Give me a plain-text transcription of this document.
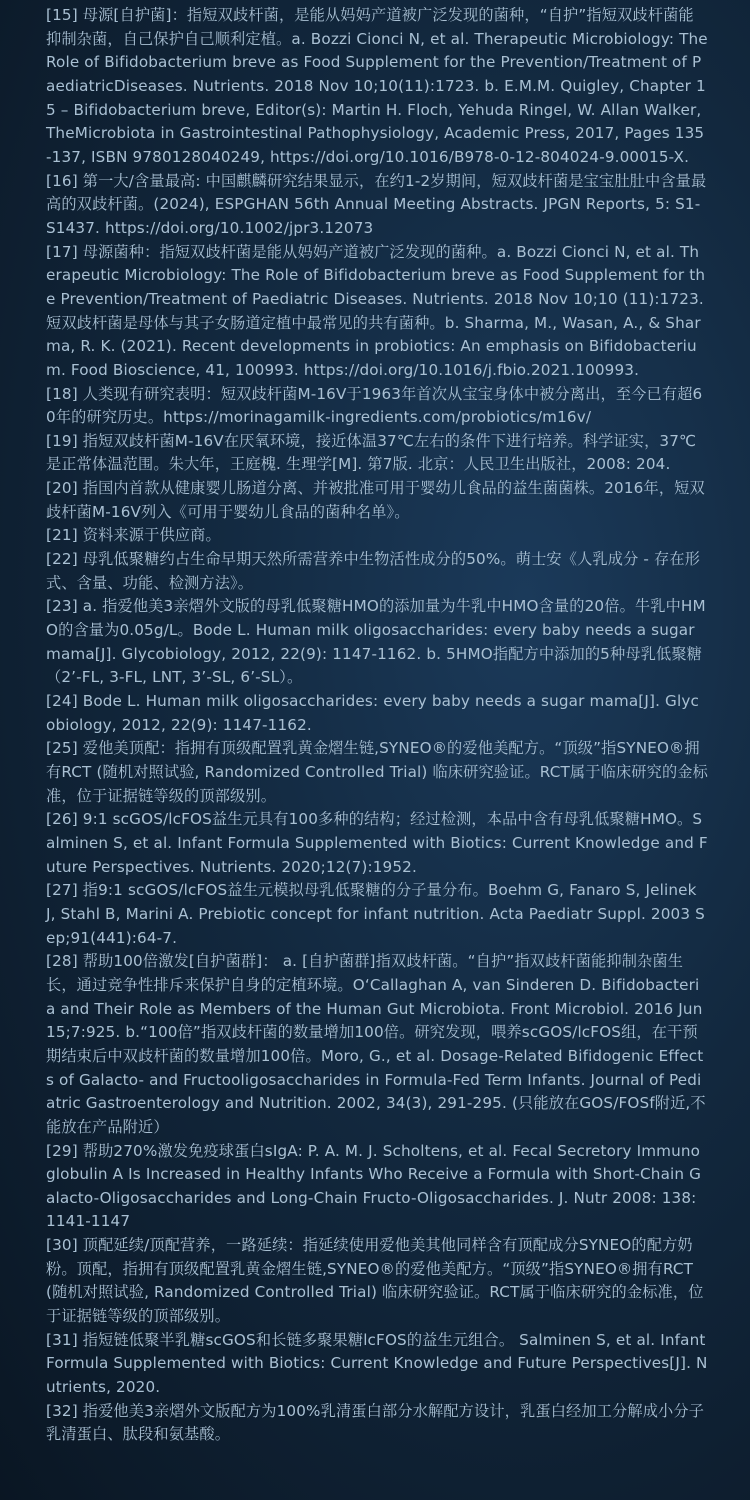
[15] 母源[自护菌]：指短双歧杆菌，是能从妈妈产道被广泛发现的菌种，“自护”指短双歧杆菌能抑制杂菌，自己保护自己顺利定植。a. Bozzi Cionci N, et al. Therapeutic Microbiology: The Role of Bifidobacterium breve as Food Supplement for the Prevention/Treatment of PaediatricDiseases. Nutrients. 2018 Nov 10;10(11):1723. b. E.M.M. Quigley, Chapter 15 – Bifidobacterium breve, Editor(s): Martin H. Floch, Yehuda Ringel, W. Allan Walker,TheMicrobiota in Gastrointestinal Pathophysiology, Academic Press, 2017, Pages 135-137, ISBN 9780128040249, https://doi.org/10.1016/B978-0-12-804024-9.00015-X.

[16] 第一大/含量最高: 中国麒麟研究结果显示，在约1-2岁期间，短双歧杆菌是宝宝肚肚中含量最高的双歧杆菌。(2024), ESPGHAN 56th Annual Meeting Abstracts. JPGN Reports, 5: S1-S1437. https://doi.org/10.1002/jpr3.12073

[17] 母源菌种：指短双歧杆菌是能从妈妈产道被广泛发现的菌种。a. Bozzi Cionci N, et al. Therapeutic Microbiology: The Role of Bifidobacterium breve as Food Supplement for the Prevention/Treatment of Paediatric Diseases. Nutrients. 2018 Nov 10;10 (11):1723. 短双歧杆菌是母体与其子女肠道定植中最常见的共有菌种。b. Sharma, M., Wasan, A., & Sharma, R. K. (2021). Recent developments in probiotics: An emphasis on Bifidobacterium. Food Bioscience, 41, 100993. https://doi.org/10.1016/j.fbio.2021.100993.

[18] 人类现有研究表明：短双歧杆菌M-16V于1963年首次从宝宝身体中被分离出，至今已有超60年的研究历史。https://morinagamilk-ingredients.com/probiotics/m16v/

[19] 指短双歧杆菌M-16V在厌氧环境，接近体温37℃左右的条件下进行培养。科学证实，37℃是正常体温范围。朱大年，王庭槐. 生理学[M]. 第7版. 北京：人民卫生出版社，2008: 204.

[20] 指国内首款从健康婴儿肠道分离、并被批准可用于婴幼儿食品的益生菌菌株。2016年，短双歧杆菌M-16V列入《可用于婴幼儿食品的菌种名单》。

[21] 资料来源于供应商。

[22] 母乳低聚糖约占生命早期天然所需营养中生物活性成分的50%。萌士安《人乳成分 - 存在形式、含量、功能、检测方法》。

[23] a. 指爱他美3亲熠外文版的母乳低聚糖HMO的添加量为牛乳中HMO含量的20倍。牛乳中HMO的含量为0.05g/L。Bode L. Human milk oligosaccharides: every baby needs a sugar mama[J]. Glycobiology, 2012, 22(9): 1147-1162. b. 5HMO指配方中添加的5种母乳低聚糖（2’-FL, 3-FL, LNT, 3’-SL, 6’-SL）。

[24] Bode L. Human milk oligosaccharides: every baby needs a sugar mama[J]. Glycobiology, 2012, 22(9): 1147-1162.

[25] 爱他美顶配：指拥有顶级配置乳黄金熠生链,SYNEO®的爱他美配方。“顶级”指SYNEO®拥有RCT (随机对照试验, Randomized Controlled Trial) 临床研究验证。RCT属于临床研究的金标准，位于证据链等级的顶部级别。

[26] 9:1 scGOS/lcFOS益生元具有100多种的结构；经过检测，本品中含有母乳低聚糖HMO。Salminen S, et al. Infant Formula Supplemented with Biotics: Current Knowledge and Future Perspectives. Nutrients. 2020;12(7):1952.

[27] 指9:1 scGOS/lcFOS益生元模拟母乳低聚糖的分子量分布。Boehm G, Fanaro S, Jelinek J, Stahl B, Marini A. Prebiotic concept for infant nutrition. Acta Paediatr Suppl. 2003 Sep;91(441):64-7.

[28] 帮助100倍激发[自护菌群]： a. [自护菌群]指双歧杆菌。“自护”指双歧杆菌能抑制杂菌生长，通过竞争性排斥来保护自身的定植环境。O‘Callaghan A, van Sinderen D. Bifidobacteria and Their Role as Members of the Human Gut Microbiota. Front Microbiol. 2016 Jun 15;7:925. b.“100倍”指双歧杆菌的数量增加100倍。研究发现，喂养scGOS/lcFOS组，在干预期结束后中双歧杆菌的数量增加100倍。Moro, G., et al. Dosage-Related Bifidogenic Effects of Galacto- and Fructooligosaccharides in Formula-Fed Term Infants. Journal of Pediatric Gastroenterology and Nutrition. 2002, 34(3), 291-295. (只能放在GOS/FOSf附近,不能放在产品附近）

[29] 帮助270%激发免疫球蛋白sIgA: P. A. M. J. Scholtens, et al. Fecal Secretory Immunoglobulin A Is Increased in Healthy Infants Who Receive a Formula with Short-Chain Galacto-Oligosaccharides and Long-Chain Fructo-Oligosaccharides. J. Nutr 2008: 138: 1141-1147

[30] 顶配延续/顶配营养，一路延续：指延续使用爱他美其他同样含有顶配成分SYNEO的配方奶粉。顶配，指拥有顶级配置乳黄金熠生链,SYNEO®的爱他美配方。“顶级”指SYNEO®拥有RCT (随机对照试验, Randomized Controlled Trial) 临床研究验证。RCT属于临床研究的金标准，位于证据链等级的顶部级别。

[31] 指短链低聚半乳糖scGOS和长链多聚果糖lcFOS的益生元组合。 Salminen S, et al. Infant Formula Supplemented with Biotics: Current Knowledge and Future Perspectives[J]. Nutrients, 2020.

[32] 指爱他美3亲熠外文版配方为100%乳清蛋白部分水解配方设计，乳蛋白经加工分解成小分子乳清蛋白、肽段和氨基酸。
